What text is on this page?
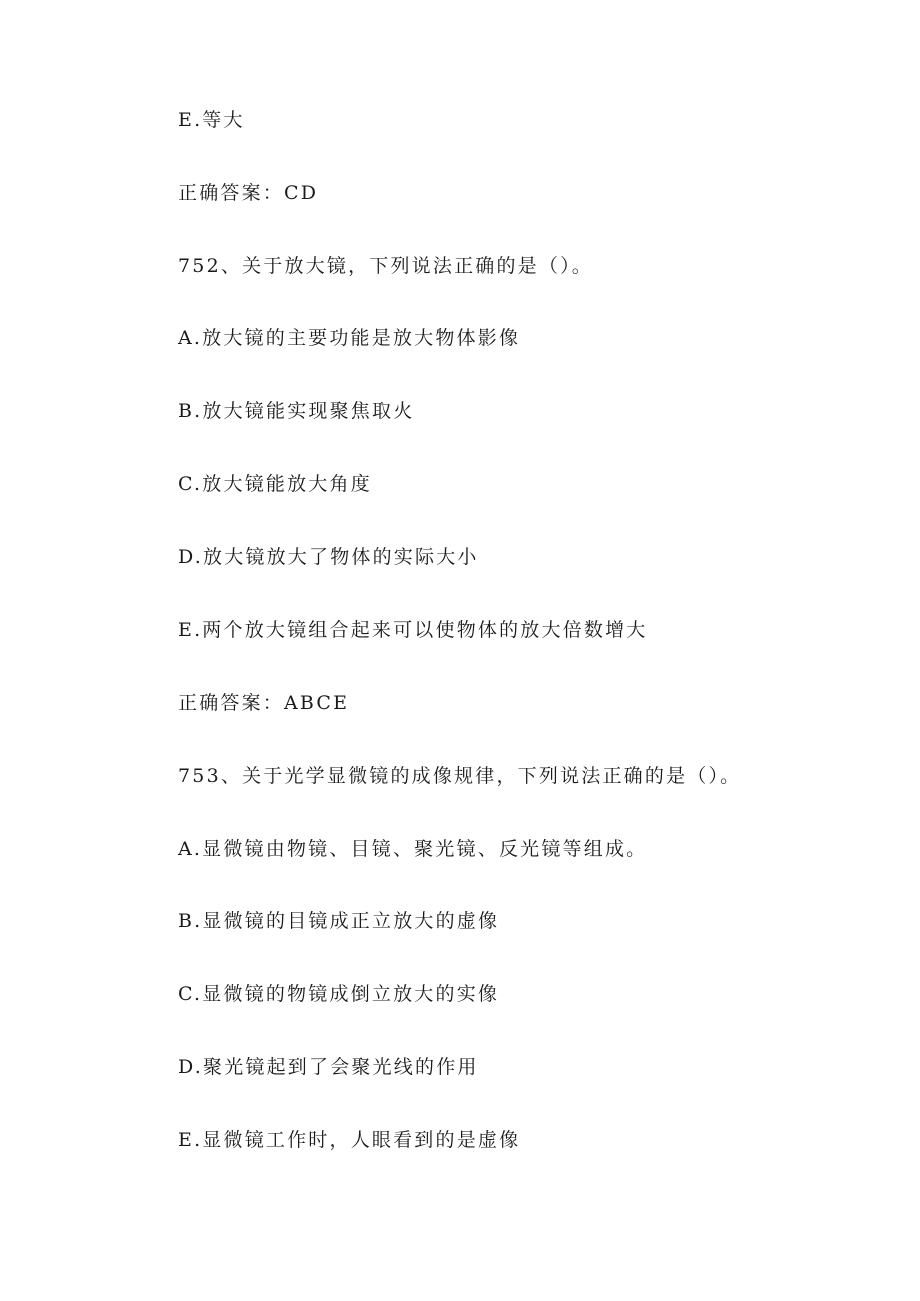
E.等大
正确答案：CD
752、关于放大镜，下列说法正确的是（）。
A.放大镜的主要功能是放大物体影像
B.放大镜能实现聚焦取火
C.放大镜能放大角度
D.放大镜放大了物体的实际大小
E.两个放大镜组合起来可以使物体的放大倍数增大
正确答案：ABCE
753、关于光学显微镜的成像规律，下列说法正确的是（）。
A.显微镜由物镜、目镜、聚光镜、反光镜等组成。
B.显微镜的目镜成正立放大的虚像
C.显微镜的物镜成倒立放大的实像
D.聚光镜起到了会聚光线的作用
E.显微镜工作时，人眼看到的是虚像
